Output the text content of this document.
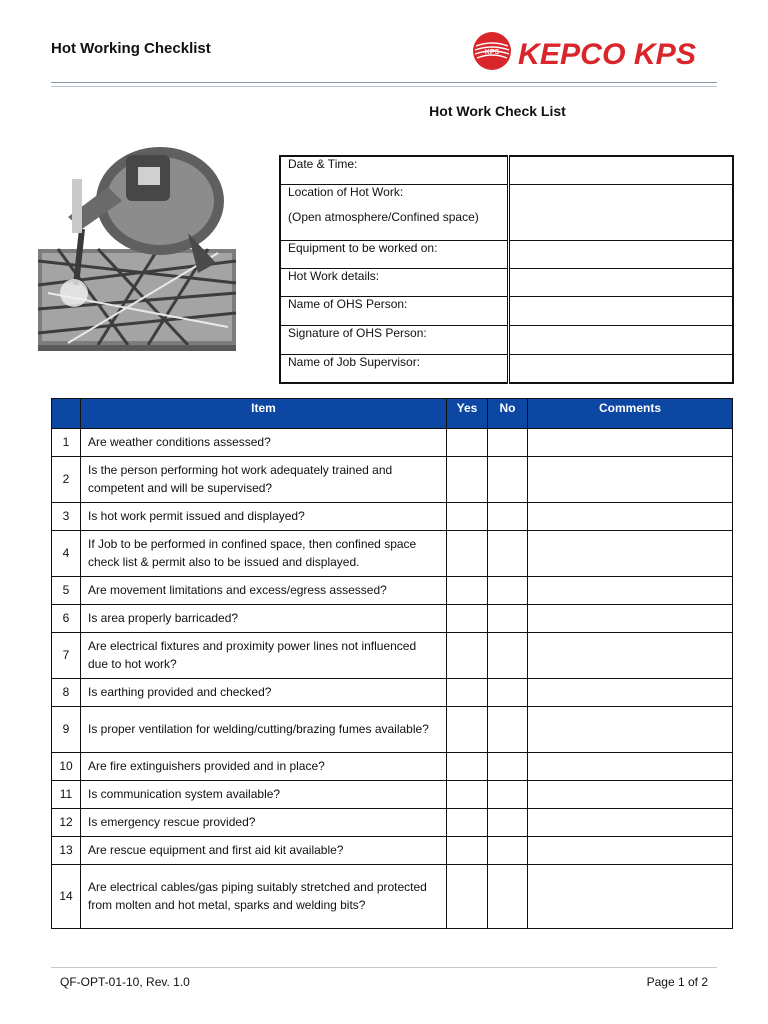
Hot Working Checklist	KPS KEPCO KPS
Hot Work Check List
Date & Time:	
Location of Hot Work:
(Open atmosphere/Confined space)	

Equipment to be worked on:	
Hot Work details:	
Name of OHS Person:	
Signature of OHS Person:	
Name of Job Supervisor:	
	Item	Yes	No	Comments
1	Are weather conditions assessed?			
2	Is the person performing hot work adequately trained and competent and will be supervised?			
3	Is hot work permit issued and displayed?			
4	If Job to be performed in confined space, then confined space check list & permit also to be issued and displayed.			
5	Are movement limitations and excess/egress assessed?			
6	Is area properly barricaded?			
7	Are electrical fixtures and proximity power lines not influenced due to hot work?			
8	Is earthing provided and checked?			
9	Is proper ventilation for welding/cutting/brazing fumes available?			
10	Are fire extinguishers provided and in place?			
11	Is communication system available?			
12	Is emergency rescue provided?			
13	Are rescue equipment and first aid kit available?			
14	Are electrical cables/gas piping suitably stretched and protected from molten and hot metal, sparks and welding bits?			
QF-OPT-01-10, Rev. 1.0	Page 1 of 2
